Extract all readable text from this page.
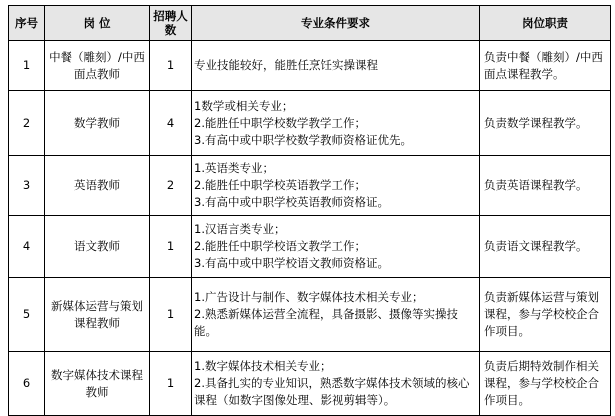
序号	岗 位	招聘人数	专业条件要求	岗位职责
1	中餐（雕刻）/中西面点教师	1	专业技能较好，能胜任烹饪实操课程	负责中餐（雕刻）/中西面点课程教学。
2	数学教师	4	1数学或相关专业；
2.能胜任中职学校数学教学工作；
3.有高中或中职学校数学教师资格证优先。	负责数学课程教学。
3	英语教师	2	1.英语类专业；
2.能胜任中职学校英语教学工作；
3.有高中或中职学校英语教师资格证。	负责英语课程教学。
4	语文教师	1	1.汉语言类专业；
2.能胜任中职学校语文教学工作；
3.有高中或中职学校语文教师资格证。	负责语文课程教学。
5	新媒体运营与策划课程教师	1	1.广告设计与制作、数字媒体技术相关专业；
2.熟悉新媒体运营全流程，具备摄影、摄像等实操技能。	负责新媒体运营与策划课程，参与学校校企合作项目。
6	数字媒体技术课程教师	1	1.数字媒体技术相关专业；
2.具备扎实的专业知识，熟悉数字媒体技术领域的核心课程（如数字图像处理、影视剪辑等）。	负责后期特效制作相关课程，参与学校校企合作项目。
